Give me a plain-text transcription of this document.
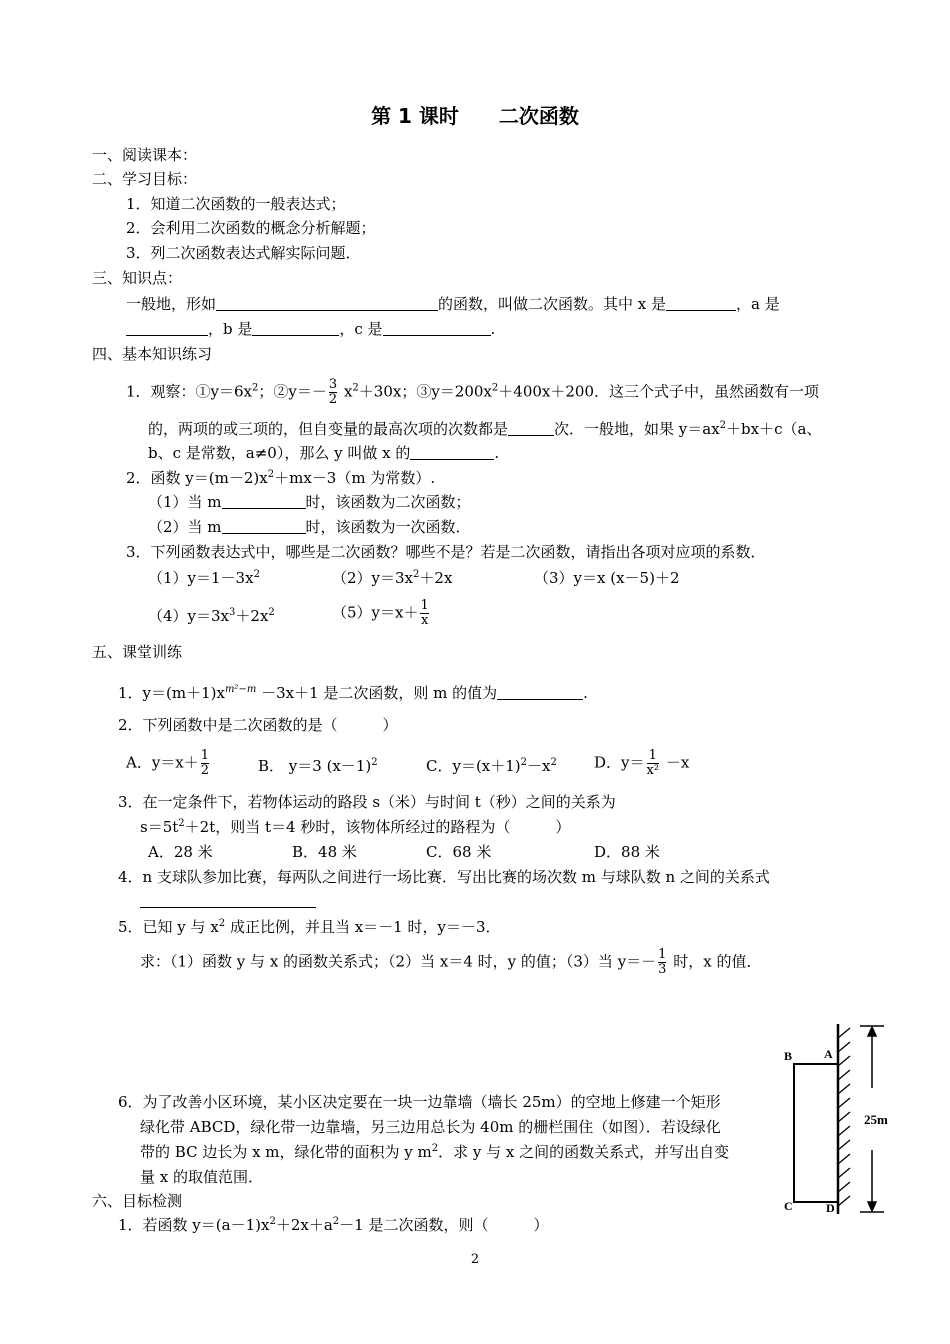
第 1 课时 二次函数
一、阅读课本：
二、学习目标：
1．知道二次函数的一般表达式；
2．会利用二次函数的概念分析解题；
3．列二次函数表达式解实际问题．
三、知识点：
一般地，形如	的函数，叫做二次函数。其中 x 是	，a 是
，b 是	，c 是	.
四、基本知识练习
1．观察：$①y=6x^2$；②y＝－ $\frac{3}{2} x^2+30x$；$③y=200x^2+400x+200$．这三个式子中，虽然函数有一项
的，两项的或三项的，但自变量的最高次项的次数都是	次．一般地，如果 $y=ax^2+bx+c(a$、
b、c 是常数，a≠0），那么 y 叫做 x 的	.
2．函数 $y=(m-2)x^2+mx-3(m$ 为常数）.
（1）当 m	时，该函数为二次函数；
（2）当 m	时，该函数为一次函数．
3．下列函数表达式中，哪些是二次函数？哪些不是？若是二次函数，请指出各项对应项的系数．
$(1)y=1-3x^2$	$(2)y=3x^2+2x$	（3）y＝x (x－5)＋2
$(4)y=3x^3+2x^2$	$(5)y=x+ \frac{1}{x}$
五、课堂训练
1．$y=(m+1)x^{m^2-m} -3x+1$ 是二次函数，则 m 的值为	.
2．下列函数中是二次函数的是（　　　）
A．$y=x+ \frac{1}{2}$	B． y＝3 $(x-1)^2$	C．$y=(x+1)^2-x^2$ D．$y= \frac{1}{\text{x²}} -x$
3．在一定条件下，若物体运动的路段 s（米）与时间 t（秒）之间的关系为
$s=5t^2+2t$，则当 t＝4 秒时，该物体所经过的路程为（　　　）
A．28 米	B．48 米	C．68 米	D．88 米
4．n 支球队参加比赛，每两队之间进行一场比赛．写出比赛的场次数 m 与球队数 n 之间的关系式
5．已知 y 与 $x^2$ 成正比例，并且当 x＝－1 时，y＝－3．
求：（1）函数 y 与 x 的函数关系式；（2）当 x＝4 时，y 的值；（3）当 $y=- \frac{1}{3}$ 时，x 的值．
6．为了改善小区环境，某小区决定要在一块一边靠墙（墙长 25m）的空地上修建一个矩形
绿化带 ABCD，绿化带一边靠墙，另三边用总长为 40m 的栅栏围住（如图）．若设绿化
带的 BC 边长为 x m，绿化带的面积为 y $m^2$．求 y 与 x 之间的函数关系式，并写出自变
量 x 的取值范围．
六、目标检测
1．若函数 $y=(a-1)x^2+2x+a^2-1$ 是二次函数，则（　　　）
25m
B	A
C	D
2
